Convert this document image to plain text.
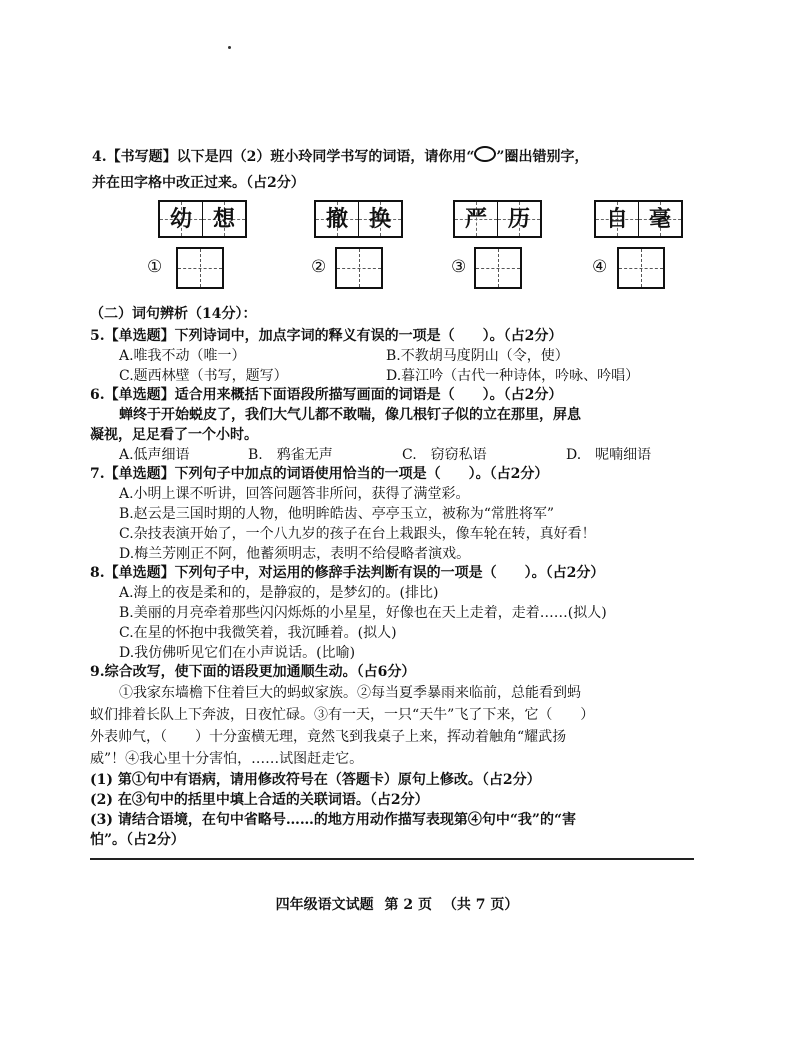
4.【书写题】以下是四（2）班小玲同学书写的词语，请你用“ ”圈出错别字，
并在田字格中改正过来。（占2分）
幼 想	撤 换	严 历	自 毫
①	②	③	④
（二）词句辨析（14分）：
5.【单选题】下列诗词中，加点字词的释义有误的一项是（　　）。（占2分）
A.唯我不动（唯一）	B.不教胡马度阴山（令，使）
C.题西林壁（书写，题写）	D.暮江吟（古代一种诗体，吟咏、吟唱）
6.【单选题】适合用来概括下面语段所描写画面的词语是（　　）。（占2分）
蝉终于开始蜕皮了，我们大气儿都不敢喘，像几根钉子似的立在那里，屏息
凝视，足足看了一个小时。
A.低声细语	B.　鸦雀无声	C.　窃窃私语	D.　呢喃细语
7.【单选题】下列句子中加点的词语使用恰当的一项是（　　）。（占2分）
A.小明上课不听讲，回答问题答非所问，获得了满堂彩。
B.赵云是三国时期的人物，他明眸皓齿、亭亭玉立，被称为“常胜将军”
C.杂技表演开始了，一个八九岁的孩子在台上栽跟头，像车轮在转，真好看！
D.梅兰芳刚正不阿，他蓄须明志，表明不给侵略者演戏。
8.【单选题】下列句子中，对运用的修辞手法判断有误的一项是（　　）。（占2分）
A.海上的夜是柔和的，是静寂的，是梦幻的。(排比)
B.美丽的月亮牵着那些闪闪烁烁的小星星，好像也在天上走着，走着……(拟人)
C.在星的怀抱中我微笑着，我沉睡着。(拟人)
D.我仿佛听见它们在小声说话。(比喻)
9.综合改写，使下面的语段更加通顺生动。（占6分）
①我家东墙檐下住着巨大的蚂蚁家族。②每当夏季暴雨来临前，总能看到蚂
蚁们排着长队上下奔波，日夜忙碌。③有一天，一只“天牛”飞了下来，它（　　）
外表帅气，（　　）十分蛮横无理，竟然飞到我桌子上来，挥动着触角“耀武扬
威”！④我心里十分害怕，……试图赶走它。
(1) 第①句中有语病，请用修改符号在（答题卡）原句上修改。（占2分）
(2) 在③句中的括里中填上合适的关联词语。（占2分）
(3) 请结合语境，在句中省略号……的地方用动作描写表现第④句中“我”的“害
怕”。（占2分）
四年级语文试题 第 2 页 （共 7 页）
